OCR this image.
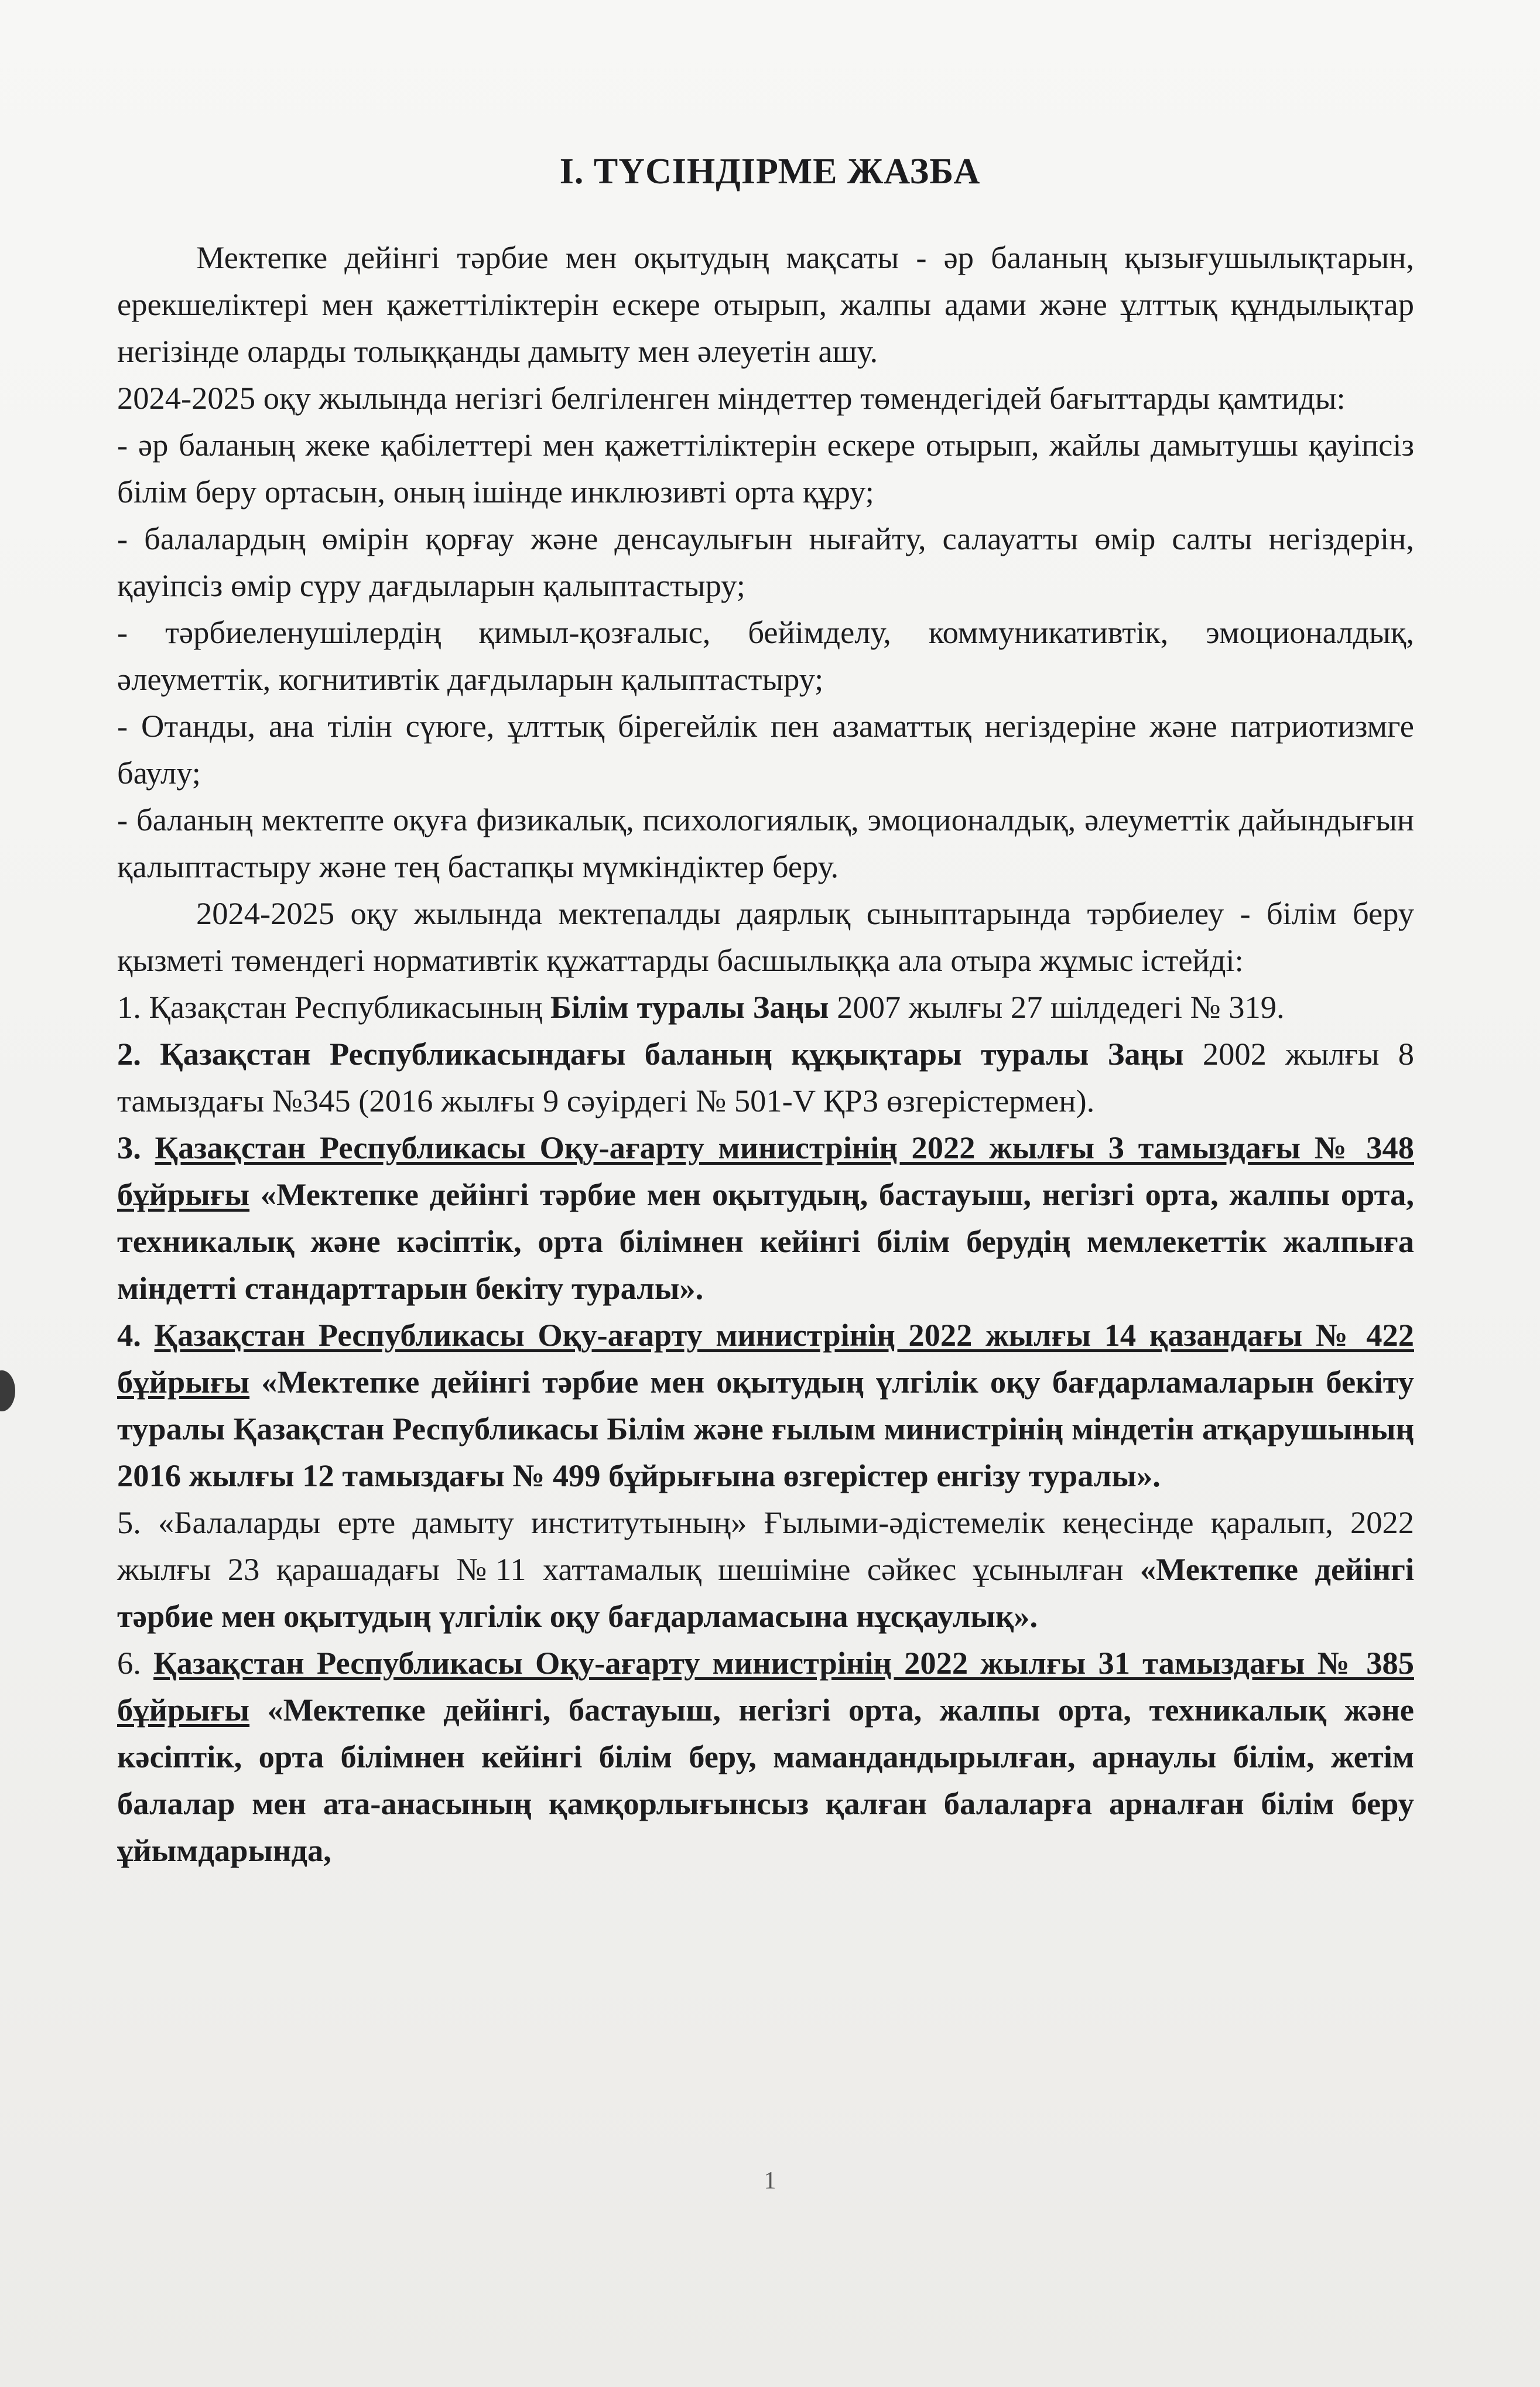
I. ТҮСІНДІРМЕ ЖАЗБА

Мектепке дейінгі тәрбие мен оқытудың мақсаты - әр баланың қызығушылықтарын, ерекшеліктері мен қажеттіліктерін ескере отырып, жалпы адами және ұлттық құндылықтар негізінде оларды толыққанды дамыту мен әлеуетін ашу.

2024-2025 оқу жылында негізгі белгіленген міндеттер төмендегідей бағыттарды қамтиды:

- әр баланың жеке қабілеттері мен қажеттіліктерін ескере отырып, жайлы дамытушы қауіпсіз білім беру ортасын, оның ішінде инклюзивті орта құру;

- балалардың өмірін қорғау және денсаулығын нығайту, салауатты өмір салты негіздерін, қауіпсіз өмір сүру дағдыларын қалыптастыру;

- тәрбиеленушілердің қимыл-қозғалыс, бейімделу, коммуникативтік, эмоционалдық, әлеуметтік, когнитивтік дағдыларын қалыптастыру;

- Отанды, ана тілін сүюге, ұлттық бірегейлік пен азаматтық негіздеріне және патриотизмге баулу;

- баланың мектепте оқуға физикалық, психологиялық, эмоционалдық, әлеуметтік дайындығын қалыптастыру және тең бастапқы мүмкіндіктер беру.

2024-2025 оқу жылында мектепалды даярлық сыныптарында тәрбиелеу - білім беру қызметі төмендегі нормативтік құжаттарды басшылыққа ала отыра жұмыс істейді:

1. Қазақстан Республикасының Білім туралы Заңы 2007 жылғы 27 шілдедегі № 319.

2. Қазақстан Республикасындағы баланың құқықтары туралы Заңы 2002 жылғы 8 тамыздағы №345 (2016 жылғы 9 сәуірдегі № 501-V ҚРЗ өзгерістермен).

3. Қазақстан Республикасы Оқу-ағарту министрінің 2022 жылғы 3 тамыздағы № 348 бұйрығы «Мектепке дейінгі тәрбие мен оқытудың, бастауыш, негізгі орта, жалпы орта, техникалық және кәсіптік, орта білімнен кейінгі білім берудің мемлекеттік жалпыға міндетті стандарттарын бекіту туралы».

4. Қазақстан Республикасы Оқу-ағарту министрінің 2022 жылғы 14 қазандағы № 422 бұйрығы «Мектепке дейінгі тәрбие мен оқытудың үлгілік оқу бағдарламаларын бекіту туралы Қазақстан Республикасы Білім және ғылым министрінің міндетін атқарушының 2016 жылғы 12 тамыздағы № 499 бұйрығына өзгерістер енгізу туралы».

5. «Балаларды ерте дамыту институтының» Ғылыми-әдістемелік кеңесінде қаралып, 2022 жылғы 23 қарашадағы №11 хаттамалық шешіміне сәйкес ұсынылған «Мектепке дейінгі тәрбие мен оқытудың үлгілік оқу бағдарламасына нұсқаулық».

6. Қазақстан Республикасы Оқу-ағарту министрінің 2022 жылғы 31 тамыздағы № 385 бұйрығы «Мектепке дейінгі, бастауыш, негізгі орта, жалпы орта, техникалық және кәсіптік, орта білімнен кейінгі білім беру, мамандандырылған, арнаулы білім, жетім балалар мен ата-анасының қамқорлығынсыз қалған балаларға арналған білім беру ұйымдарында,

1
